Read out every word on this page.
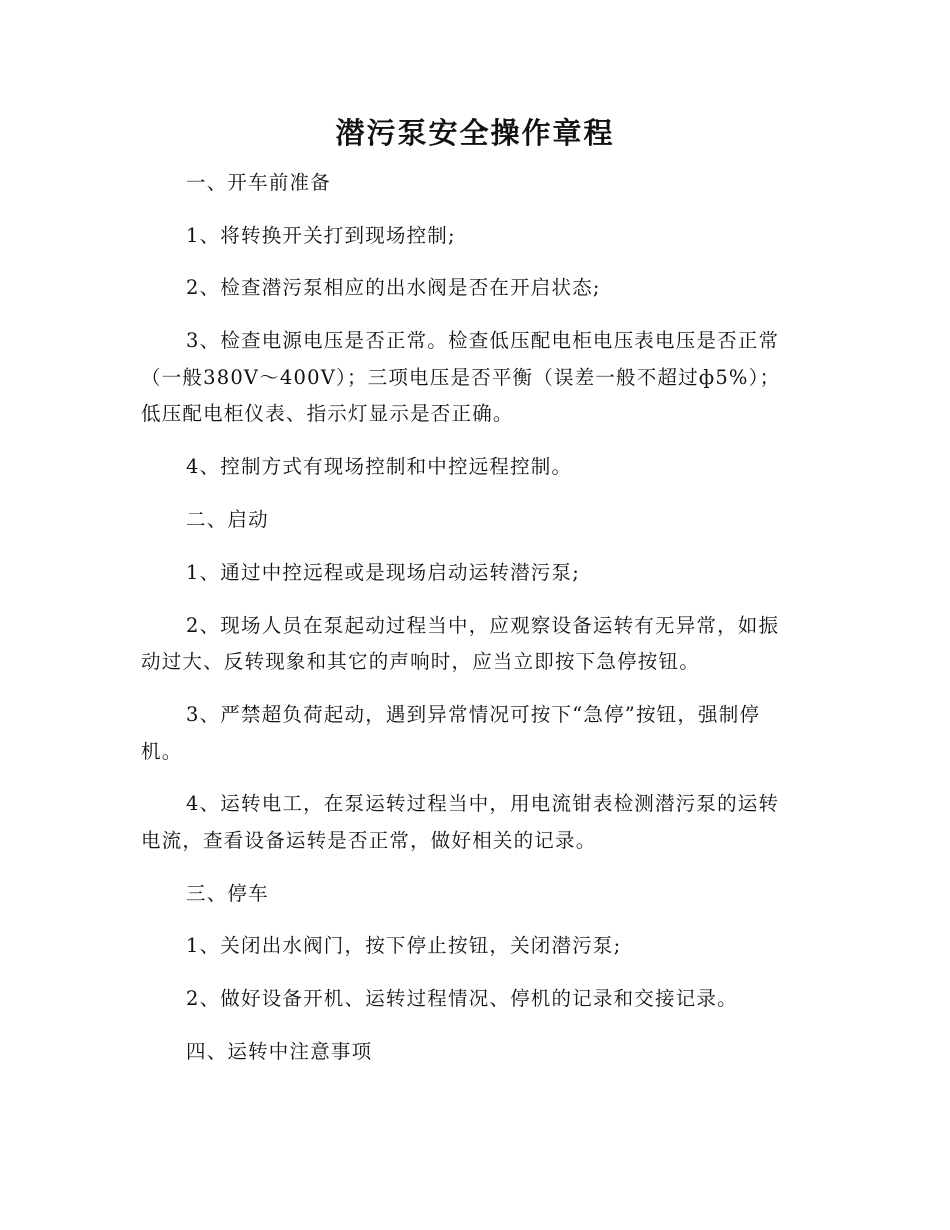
潜污泵安全操作章程
一、开车前准备
1、将转换开关打到现场控制;
2、检查潜污泵相应的出水阀是否在开启状态;
3、检查电源电压是否正常。检查低压配电柜电压表电压是否正常
（一般380V～400V）；三项电压是否平衡（误差一般不超过ф5%）；
低压配电柜仪表、指示灯显示是否正确。
4、控制方式有现场控制和中控远程控制。
二、启动
1、通过中控远程或是现场启动运转潜污泵;
2、现场人员在泵起动过程当中，应观察设备运转有无异常，如振
动过大、反转现象和其它的声响时，应当立即按下急停按钮。
3、严禁超负荷起动，遇到异常情况可按下“急停”按钮，强制停
机。
4、运转电工，在泵运转过程当中，用电流钳表检测潜污泵的运转
电流，查看设备运转是否正常，做好相关的记录。
三、停车
1、关闭出水阀门，按下停止按钮，关闭潜污泵;
2、做好设备开机、运转过程情况、停机的记录和交接记录。
四、运转中注意事项
